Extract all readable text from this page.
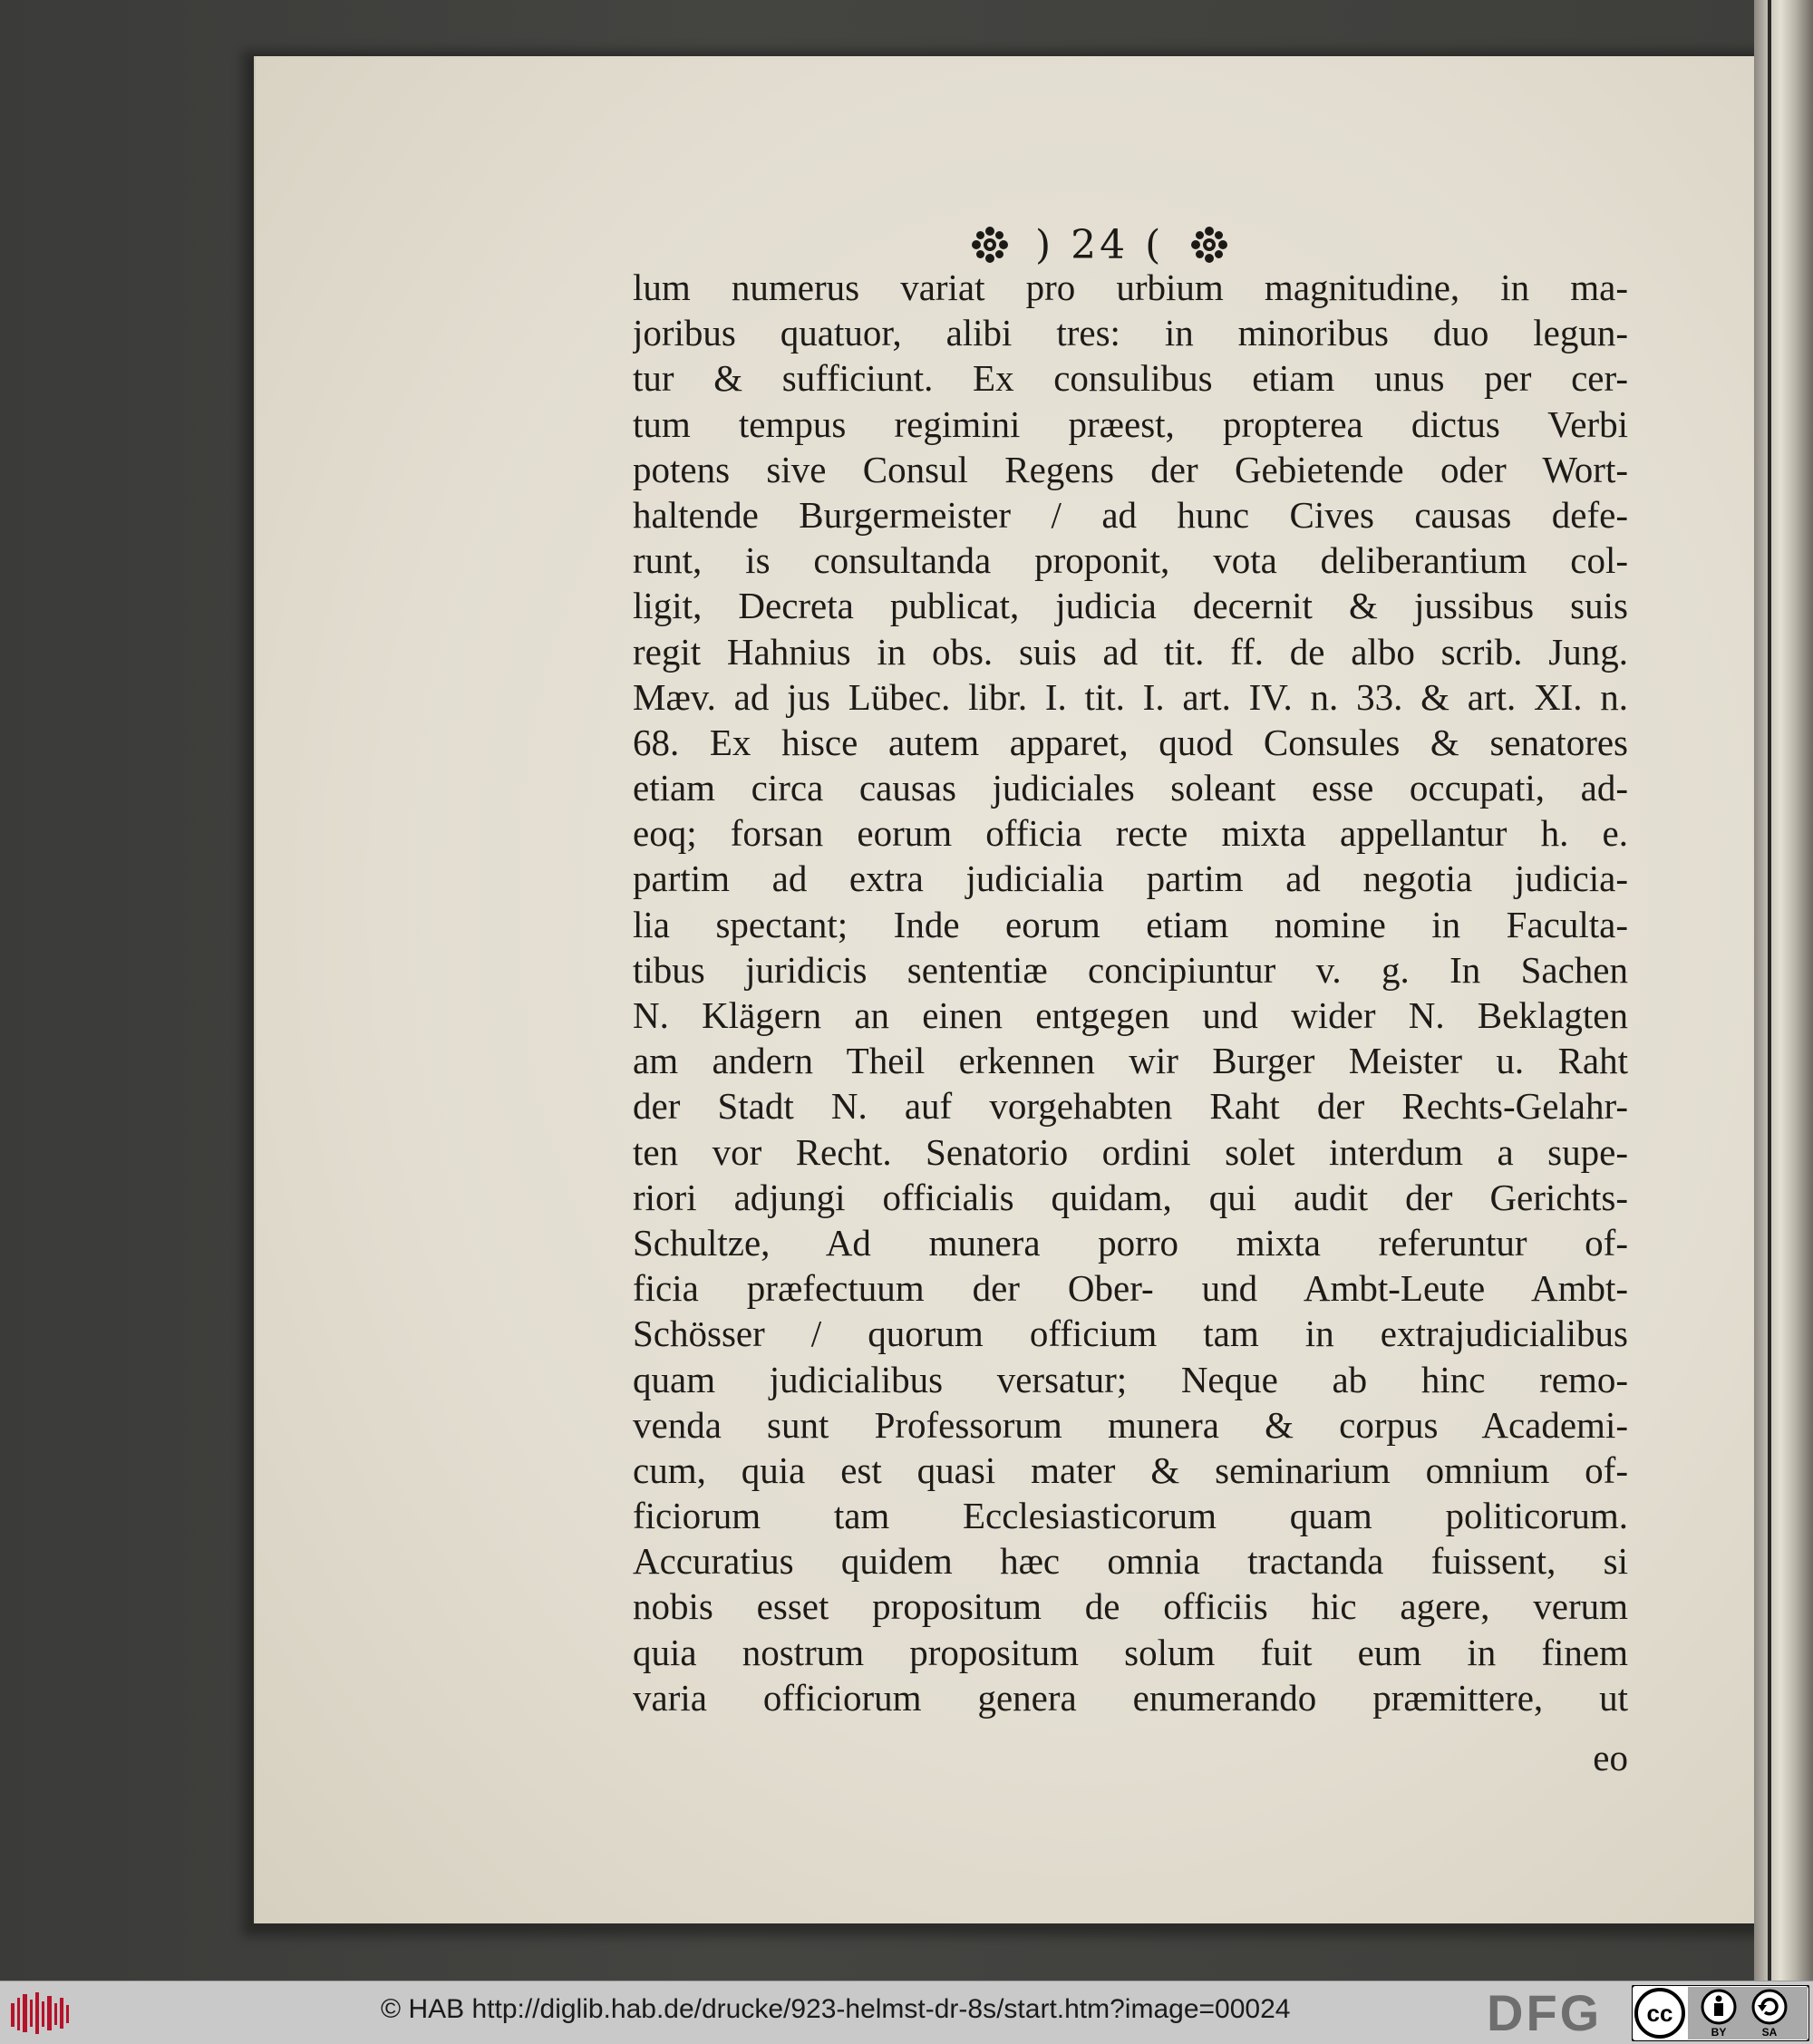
) 24 (
lum numerus variat pro urbium magnitudine, in ma-
joribus quatuor, alibi tres: in minoribus duo legun-
tur & sufficiunt. Ex consulibus etiam unus per cer-
tum tempus regimini præest, propterea dictus Verbi
potens sive Consul Regens der Gebietende oder Wort-
haltende Burgermeister / ad hunc Cives causas defe-
runt, is consultanda proponit, vota deliberantium col-
ligit, Decreta publicat, judicia decernit & jussibus suis
regit Hahnius in obs. suis ad tit. ff. de albo scrib. Jung.
Mæv. ad jus Lübec. libr. I. tit. I. art. IV. n. 33. & art. XI. n.
68. Ex hisce autem apparet, quod Consules & senatores
etiam circa causas judiciales soleant esse occupati, ad-
eoq; forsan eorum officia recte mixta appellantur h. e.
partim ad extra judicialia partim ad negotia judicia-
lia spectant; Inde eorum etiam nomine in Faculta-
tibus juridicis sententiæ concipiuntur v. g. In Sachen
N. Klägern an einen entgegen und wider N. Beklagten
am andern Theil erkennen wir Burger Meister u. Raht
der Stadt N. auf vorgehabten Raht der Rechts-Gelahr-
ten vor Recht. Senatorio ordini solet interdum a supe-
riori adjungi officialis quidam, qui audit der Gerichts-
Schultze, Ad munera porro mixta referuntur of-
ficia præfectuum der Ober- und Ambt-Leute Ambt-
Schösser / quorum officium tam in extrajudicialibus
quam judicialibus versatur; Neque ab hinc remo-
venda sunt Professorum munera & corpus Academi-
cum, quia est quasi mater & seminarium omnium of-
ficiorum tam Ecclesiasticorum quam politicorum.
Accuratius quidem hæc omnia tractanda fuissent, si
nobis esset propositum de officiis hic agere, verum
quia nostrum propositum solum fuit eum in finem
varia officiorum genera enumerando præmittere, ut
eo
© HAB http://diglib.hab.de/drucke/923-helmst-dr-8s/start.htm?image=00024	DFG cc
BY	SA
